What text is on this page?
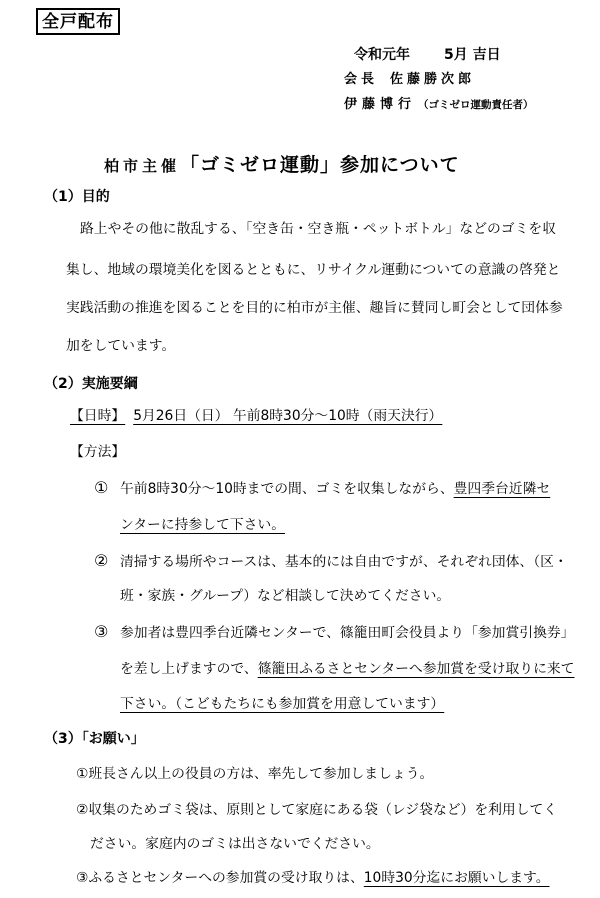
全戸配布
令和元年 5月 吉日
会長 佐藤勝次郎
伊藤博行 （ゴミゼロ運動責任者）
柏市主催「ゴミゼロ運動」参加について
（1）目的
路上やその他に散乱する、「空き缶・空き瓶・ペットボトル」などのゴミを収
集し、地域の環境美化を図るとともに、リサイクル運動についての意識の啓発と
実践活動の推進を図ることを目的に柏市が主催、趣旨に賛同し町会として団体参
加をしています。
（2）実施要綱
【日時】 5月26日（日） 午前8時30分～10時（雨天決行）
【方法】
① 午前8時30分～10時までの間、ゴミを収集しながら、豊四季台近隣セ
ンターに持参して下さい。
② 清掃する場所やコースは、基本的には自由ですが、それぞれ団体、（区・
班・家族・グループ）など相談して決めてください。
③ 参加者は豊四季台近隣センターで、篠籠田町会役員より「参加賞引換券」
を差し上げますので、篠籠田ふるさとセンターへ参加賞を受け取りに来て
下さい。（こどもたちにも参加賞を用意しています）
（3）「お願い」
①班長さん以上の役員の方は、率先して参加しましょう。
②収集のためゴミ袋は、原則として家庭にある袋（レジ袋など）を利用してく
ださい。家庭内のゴミは出さないでください。
③ふるさとセンターへの参加賞の受け取りは、10時30分迄にお願いします。
